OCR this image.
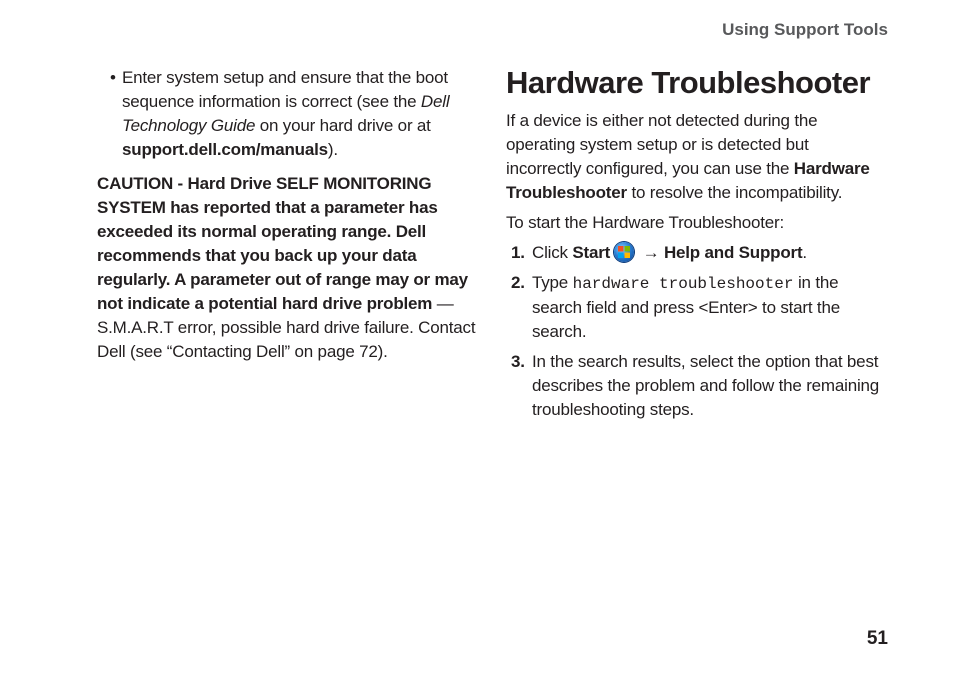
Using Support Tools
• Enter system setup and ensure that the boot sequence information is correct (see the Dell Technology Guide on your hard drive or at support.dell.com/manuals).

CAUTION - Hard Drive SELF MONITORING SYSTEM has reported that a parameter has exceeded its normal operating range. Dell recommends that you back up your data regularly. A parameter out of range may or may not indicate a potential hard drive problem — S.M.A.R.T error, possible hard drive failure. Contact Dell (see “Contacting Dell” on page 72).

Hardware Troubleshooter

If a device is either not detected during the operating system setup or is detected but incorrectly configured, you can use the Hardware Troubleshooter to resolve the incompatibility.

To start the Hardware Troubleshooter:

1. Click Start
→ Help and Support.
2. Type hardware troubleshooter in the search field and press <Enter> to start the search.
3. In the search results, select the option that best describes the problem and follow the remaining troubleshooting steps.
51
